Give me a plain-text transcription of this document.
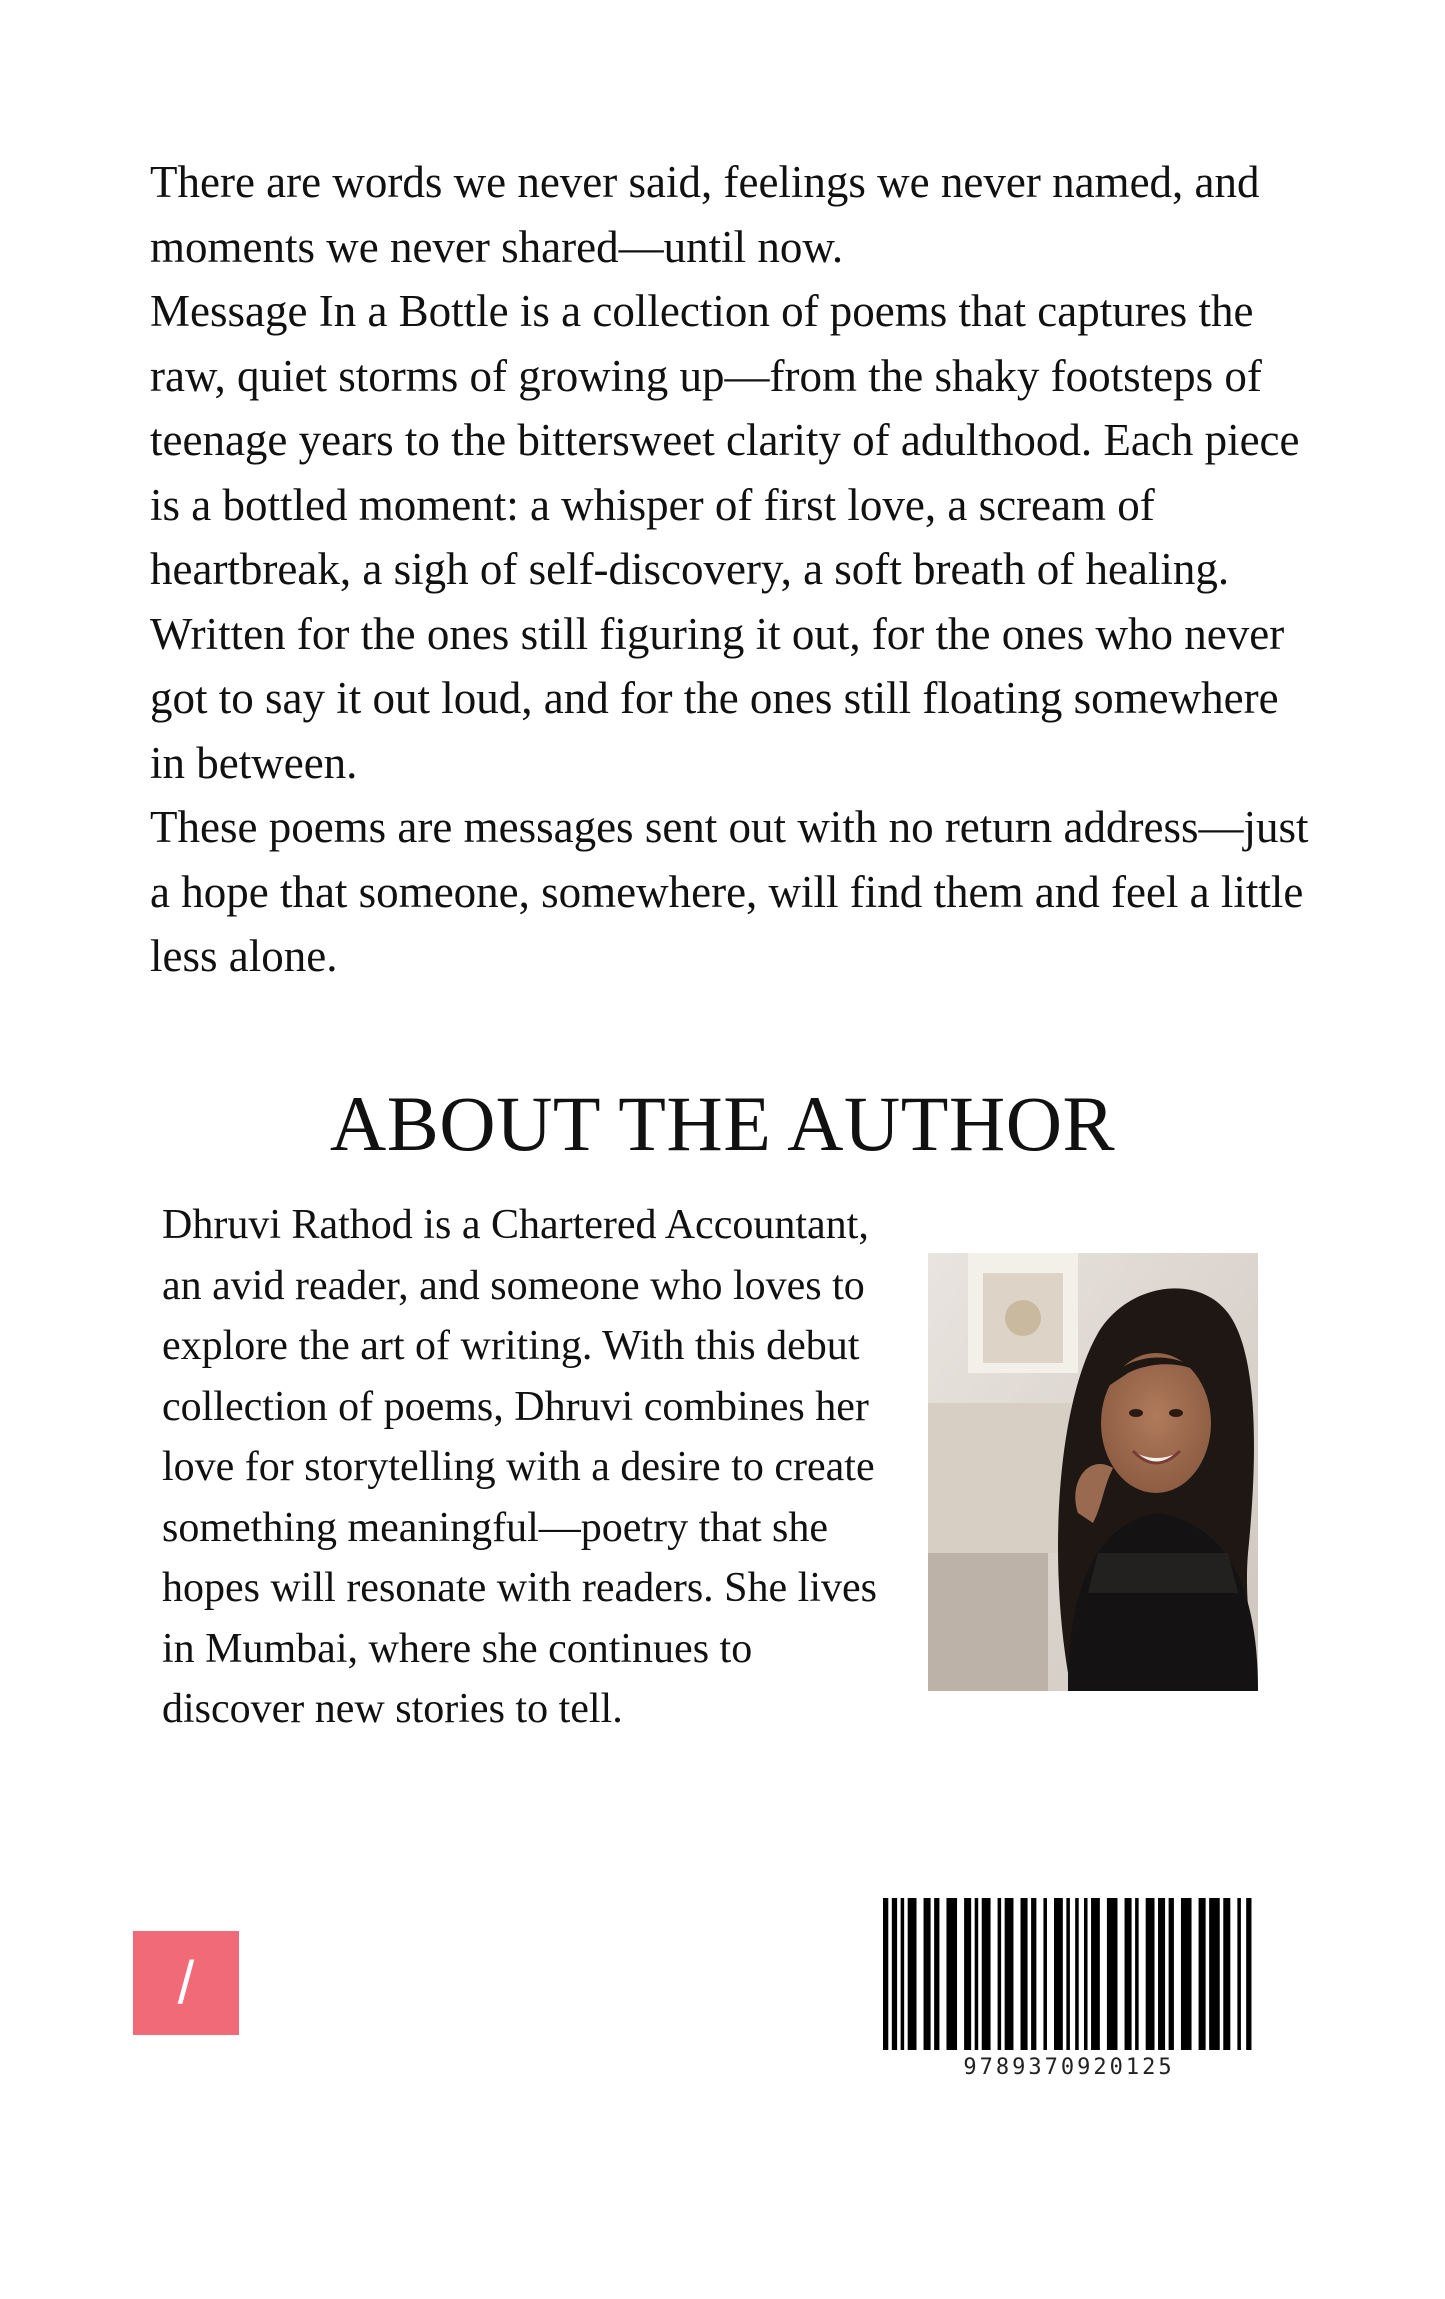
There are words we never said, feelings we never named, and moments we never shared—until now.

Message In a Bottle is a collection of poems that captures the raw, quiet storms of growing up—from the shaky footsteps of teenage years to the bittersweet clarity of adulthood. Each piece is a bottled moment: a whisper of first love, a scream of heartbreak, a sigh of self-discovery, a soft breath of healing.

Written for the ones still figuring it out, for the ones who never got to say it out loud, and for the ones still floating somewhere in between.

These poems are messages sent out with no return address—just a hope that someone, somewhere, will find them and feel a little less alone.

ABOUT THE AUTHOR

Dhruvi Rathod is a Chartered Accountant, an avid reader, and someone who loves to explore the art of writing. With this debut collection of poems, Dhruvi combines her love for storytelling with a desire to create something meaningful—poetry that she hopes will resonate with readers. She lives in Mumbai, where she continues to discover new stories to tell.

/
9789370920125
